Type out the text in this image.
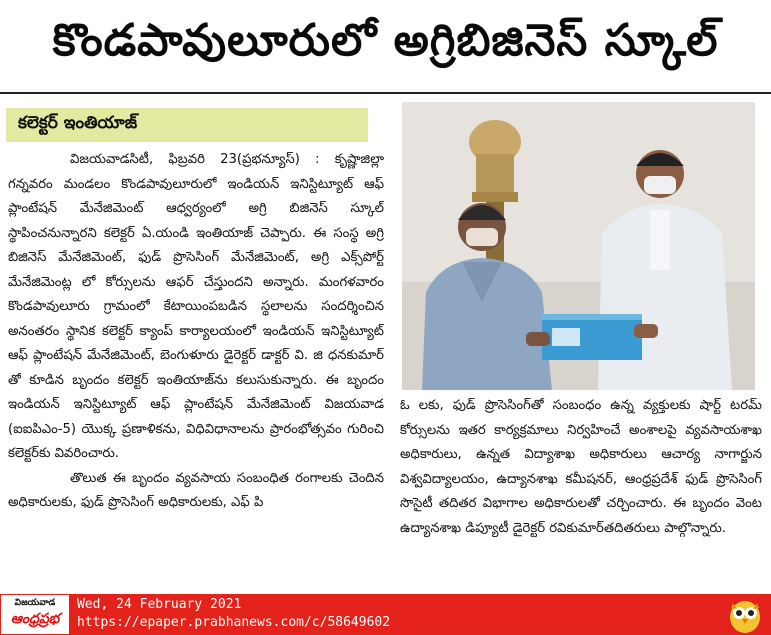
కొండపావులూరులో అగ్రిబిజినెస్ స్కూల్
కలెక్టర్ ఇంతియాజ్

విజయవాడసిటీ, ఫిబ్రవరి 23(ప్రభన్యూస్) : కృష్ణాజిల్లా గన్నవరం మండలం కొండపావులూరులో ఇండియన్ ఇనిస్టిట్యూట్ ఆఫ్ ప్లాంటేషన్ మేనేజిమెంట్ ఆధ్వర్యంలో అగ్రి బిజినెస్ స్కూల్ స్థాపించనున్నారని కలెక్టర్ ఏ.యండి ఇంతియాజ్ చెప్పారు. ఈ సంస్థ అగ్రి బిజినెస్ మేనేజిమెంట్, ఫుడ్ ప్రొసెసింగ్ మేనేజిమెంట్, అగ్రి ఎక్స్‌పోర్ట్ మేనేజిమెంట్ల లో కోర్సులను ఆఫర్ చేస్తుందని అన్నారు. మంగళవారం కొండపావులూరు గ్రామంలో కేటాయింపబడిన స్థలాలను సందర్శించిన అనంతరం స్థానిక కలెక్టర్ క్యాంప్ కార్యాలయంలో ఇండియన్ ఇనిస్టిట్యూట్ ఆఫ్ ప్లాంటేషన్ మేనేజిమెంట్, బెంగుళూరు డైరెక్టర్ డాక్టర్ వి. జి ధనకుమార్ తో కూడిన బృందం కలెక్టర్ ఇంతియాజ్‌ను కలుసుకున్నారు. ఈ బృందం ఇండియన్ ఇనిస్టిట్యూట్ ఆఫ్ ప్లాంటేషన్ మేనేజిమెంట్ విజయవాడ (ఐఐపిఎం-5) యొక్క ప్రణాళికను, విధివిధానాలను ప్రారంభోత్సవం గురించి కలెక్టర్‌కు వివరించారు.

తొలుత ఈ బృందం వ్యవసాయ సంబంధిత రంగాలకు చెందిన అధికారులకు, ఫుడ్ ప్రొసెసింగ్ అధికారులకు, ఎఫ్ పి

ఓ లకు, ఫుడ్ ప్రొసెసింగ్‌తో సంబంధం ఉన్న వ్యక్తులకు షార్ట్ టరమ్ కోర్సులను ఇతర కార్యక్రమాలు నిర్వహించే అంశాలపై వ్యవసాయశాఖ అధికారులు, ఉన్నత విద్యాశాఖ అధికారులు ఆచార్య నాగార్జున విశ్వవిద్యాలయం, ఉద్యానశాఖ కమీషనర్, ఆంధ్రప్రదేశ్ ఫుడ్ ప్రొసెసింగ్ సొసైటీ తదితర విభాగాల అధికారులతో చర్చించారు. ఈ బృందం వెంట ఉద్యానశాఖ డిప్యూటీ డైరెక్టర్ రవికుమార్‌తదితరులు పాల్గొన్నారు.
విజయవాడ
ఆంధ్రప్రభ
Wed, 24 February 2021
https://epaper.prabhanews.com/c/58649602
